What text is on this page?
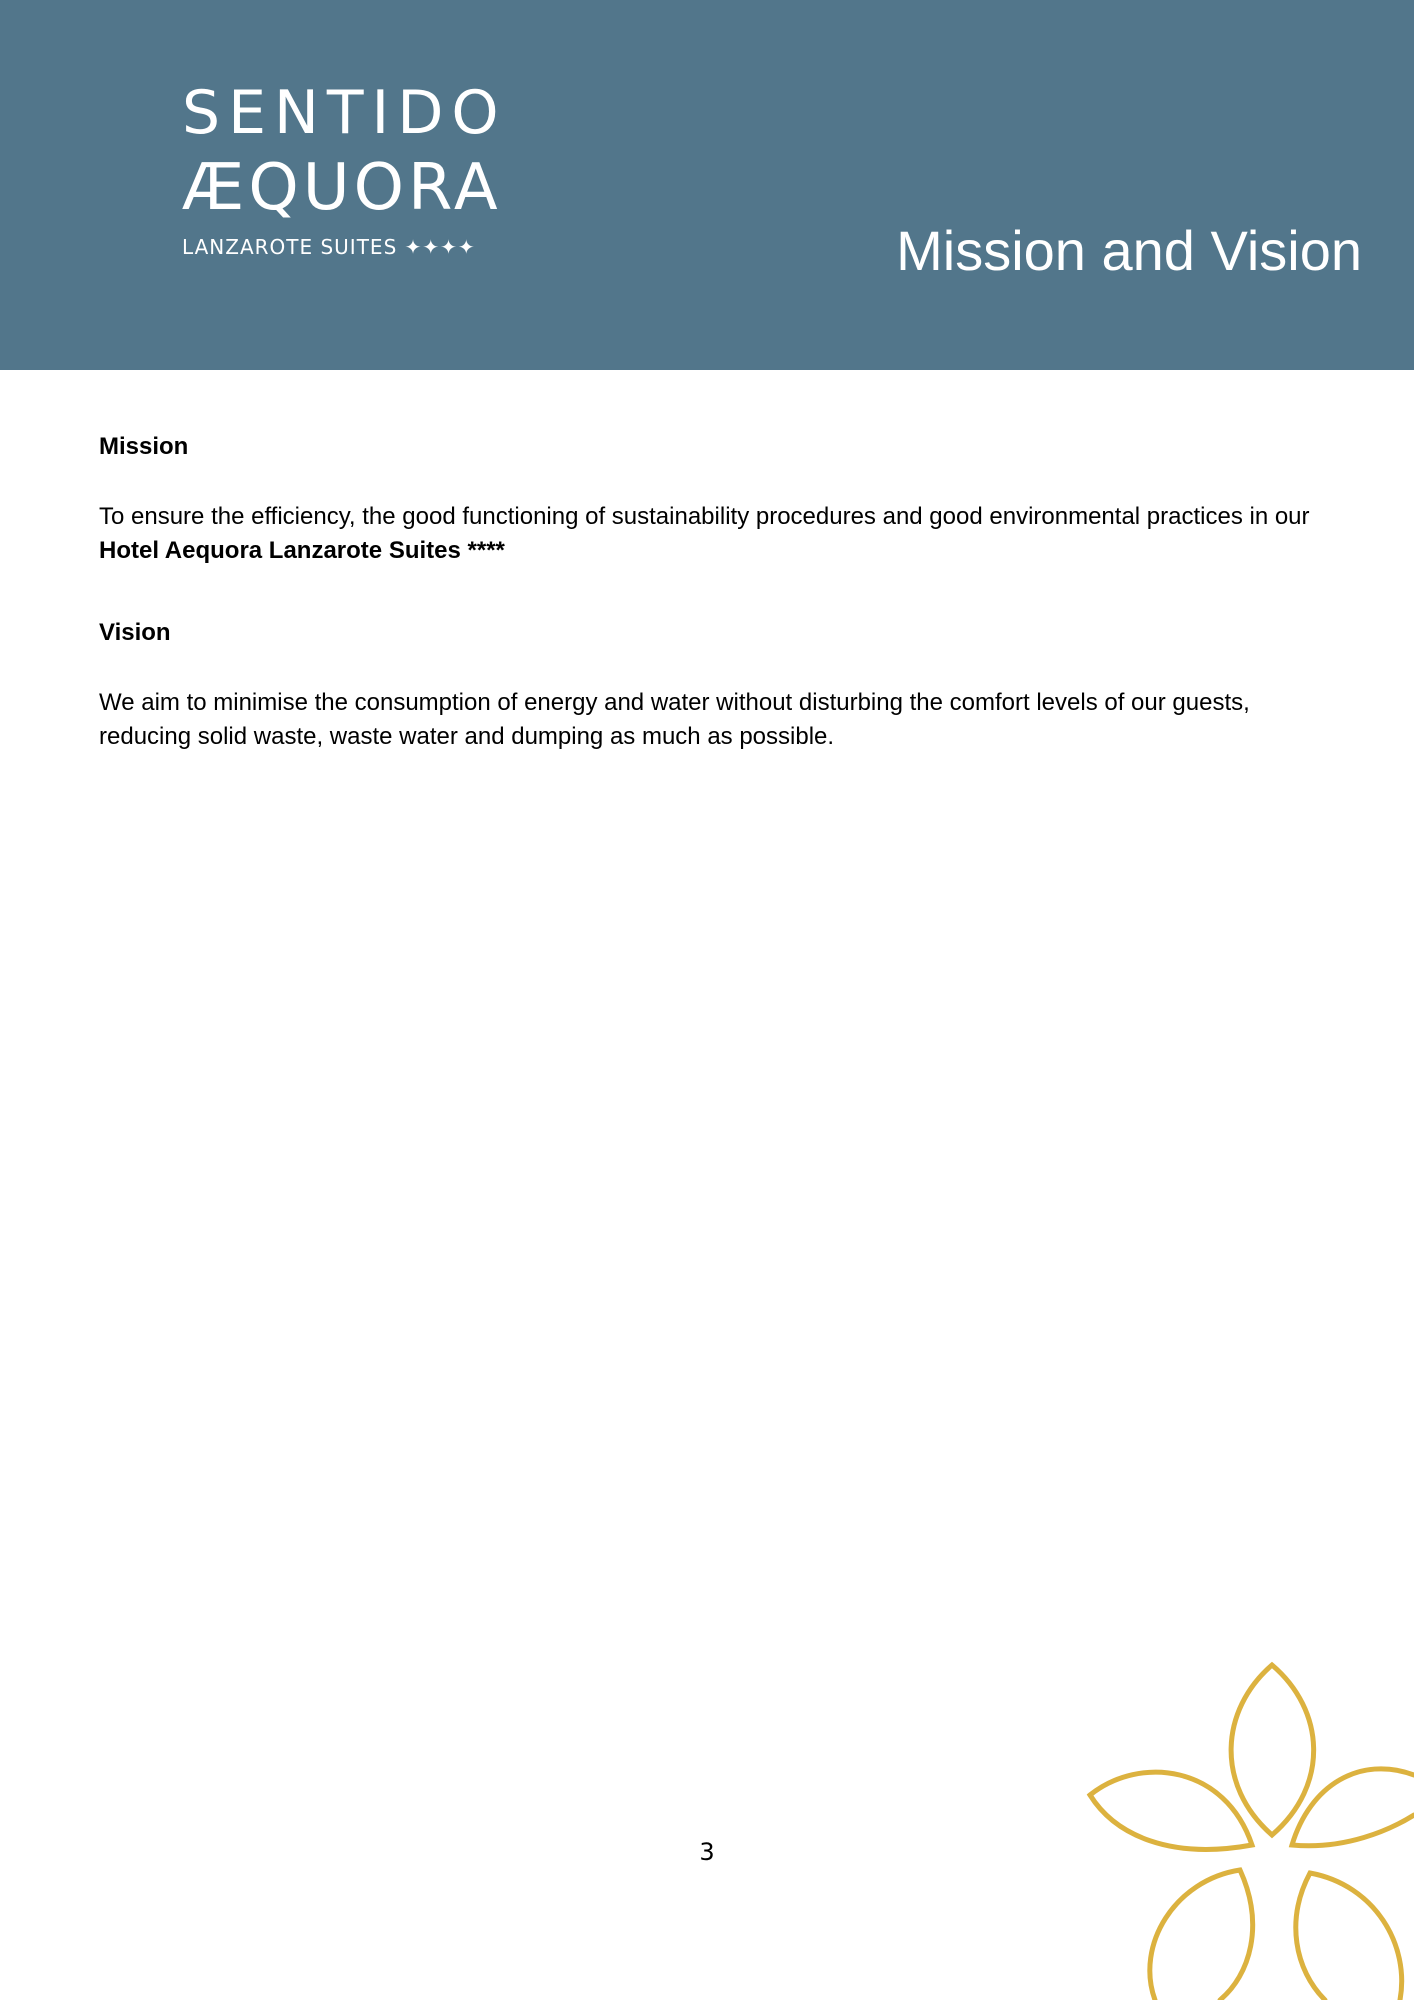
SENTIDO
ÆQUORA
LANZAROTE SUITES ✦✦✦✦	Mission and Vision

Mission

To ensure the efficiency, the good functioning of sustainability procedures and good environmental practices in our Hotel Aequora Lanzarote Suites ****

Vision

We aim to minimise the consumption of energy and water without disturbing the comfort levels of our guests, reducing solid waste, waste water and dumping as much as possible.

3
